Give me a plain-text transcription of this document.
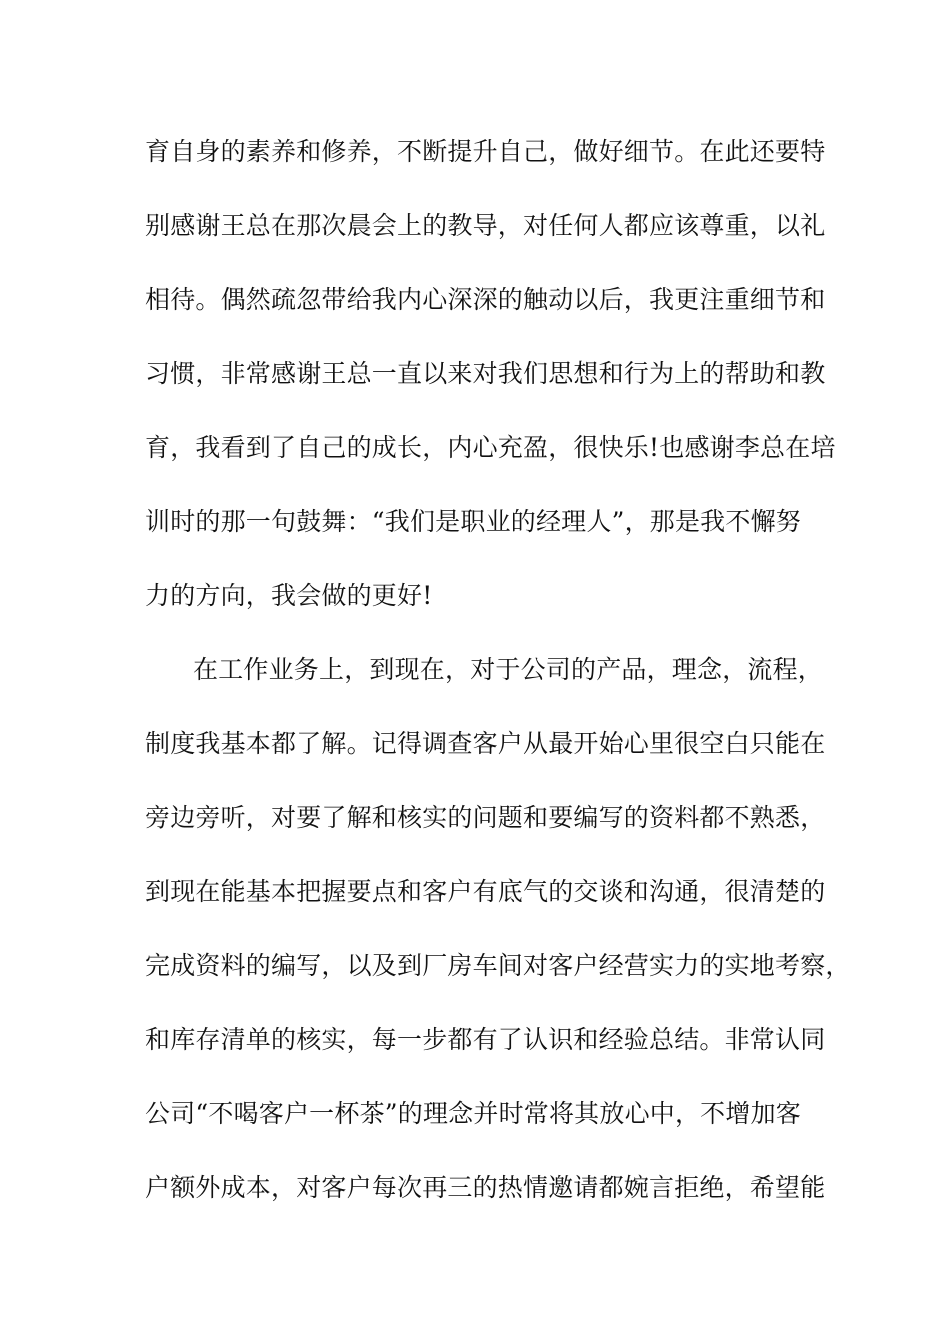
育自身的素养和修养，不断提升自己，做好细节。在此还要特
别感谢王总在那次晨会上的教导，对任何人都应该尊重，以礼
相待。偶然疏忽带给我内心深深的触动以后，我更注重细节和
习惯，非常感谢王总一直以来对我们思想和行为上的帮助和教
育，我看到了自己的成长，内心充盈，很快乐!也感谢李总在培
训时的那一句鼓舞：“我们是职业的经理人”，那是我不懈努
力的方向，我会做的更好!
在工作业务上，到现在，对于公司的产品，理念，流程，
制度我基本都了解。记得调查客户从最开始心里很空白只能在
旁边旁听，对要了解和核实的问题和要编写的资料都不熟悉，
到现在能基本把握要点和客户有底气的交谈和沟通，很清楚的
完成资料的编写，以及到厂房车间对客户经营实力的实地考察，
和库存清单的核实，每一步都有了认识和经验总结。非常认同
公司“不喝客户一杯茶”的理念并时常将其放心中，不增加客
户额外成本，对客户每次再三的热情邀请都婉言拒绝，希望能
